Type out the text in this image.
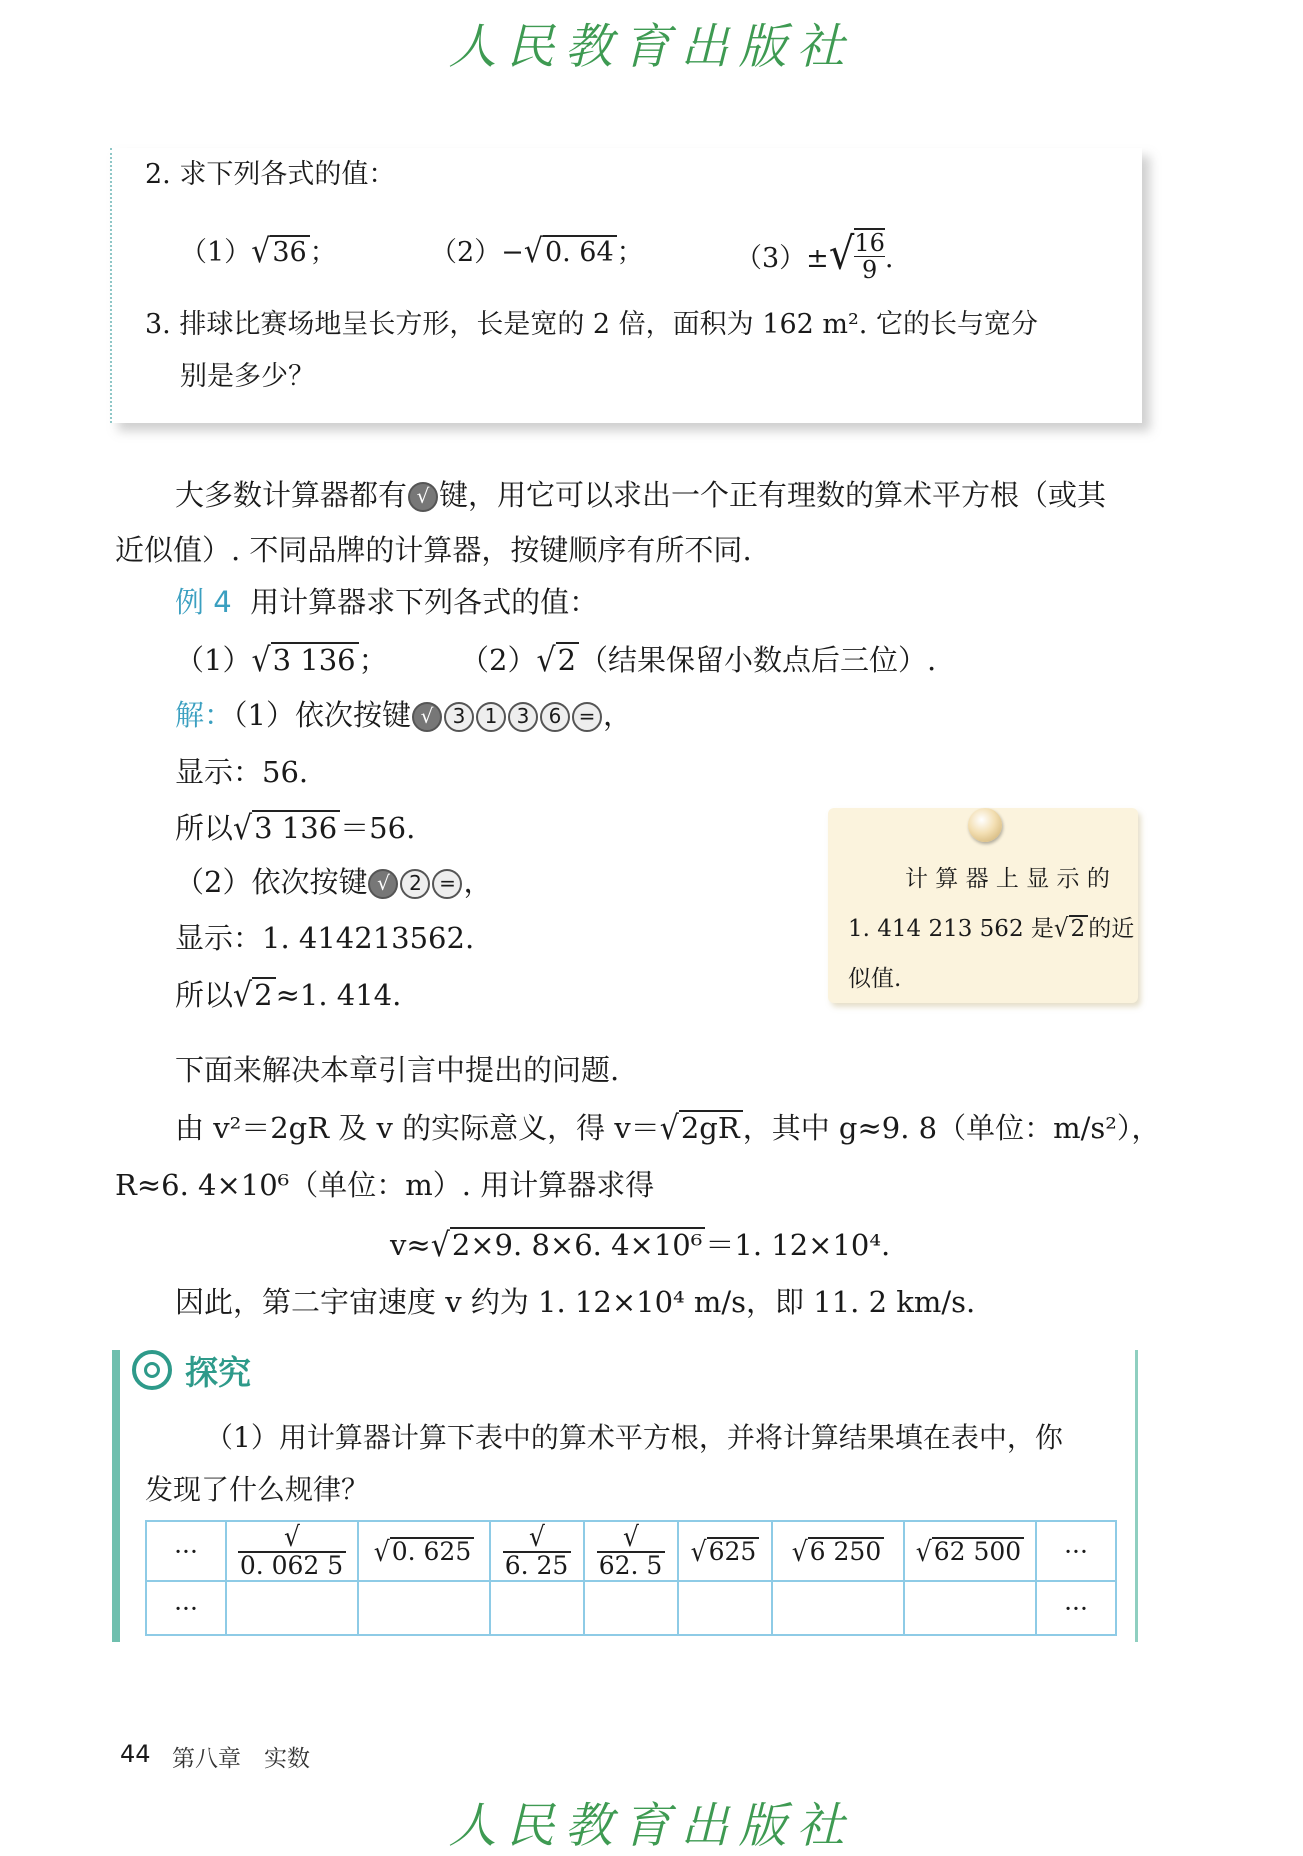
人民教育出版社
2. 求下列各式的值：
（1）√36 ；	（2）−√0. 64 ；	$(3)\pm√ \frac{16}{9}$ .
3. 排球比赛场地呈长方形，长是宽的 2 倍，面积为 162 m². 它的长与宽分
别是多少？
大多数计算器都有 √ 键，用它可以求出一个正有理数的算术平方根（或其
近似值）. 不同品牌的计算器，按键顺序有所不同.
例 4 用计算器求下列各式的值：
（1）√3 136 ； （2）√2 （结果保留小数点后三位）.
解：（1）依次按键 √ 3 1 3 6 = ，
显示：56.
所以√3 136 ＝56.
（2）依次按键 √ 2 = ，
显示：1. 414213562.
所以√2 ≈1. 414.
计 算 器 上 显 示 的
1. 414 213 562 是√2 的近
似值.
下面来解决本章引言中提出的问题.
由 v²＝2gR 及 v 的实际意义，得 v＝√2gR ，其中 g≈9. 8（单位：m/s²），
R≈6. 4×10⁶（单位：m）. 用计算器求得
v≈√2×9. 8×6. 4×10⁶ ＝1. 12×10⁴.
因此，第二宇宙速度 v 约为 1. 12×10⁴ m/s，即 11. 2 km/s.
探究
（1）用计算器计算下表中的算术平方根，并将计算结果填在表中，你
发现了什么规律？
···	√0. 062 5	√0. 625	√6. 25	√62. 5	√625	√6 250	√62 500	···
···								···
44 第八章　实数
人民教育出版社
